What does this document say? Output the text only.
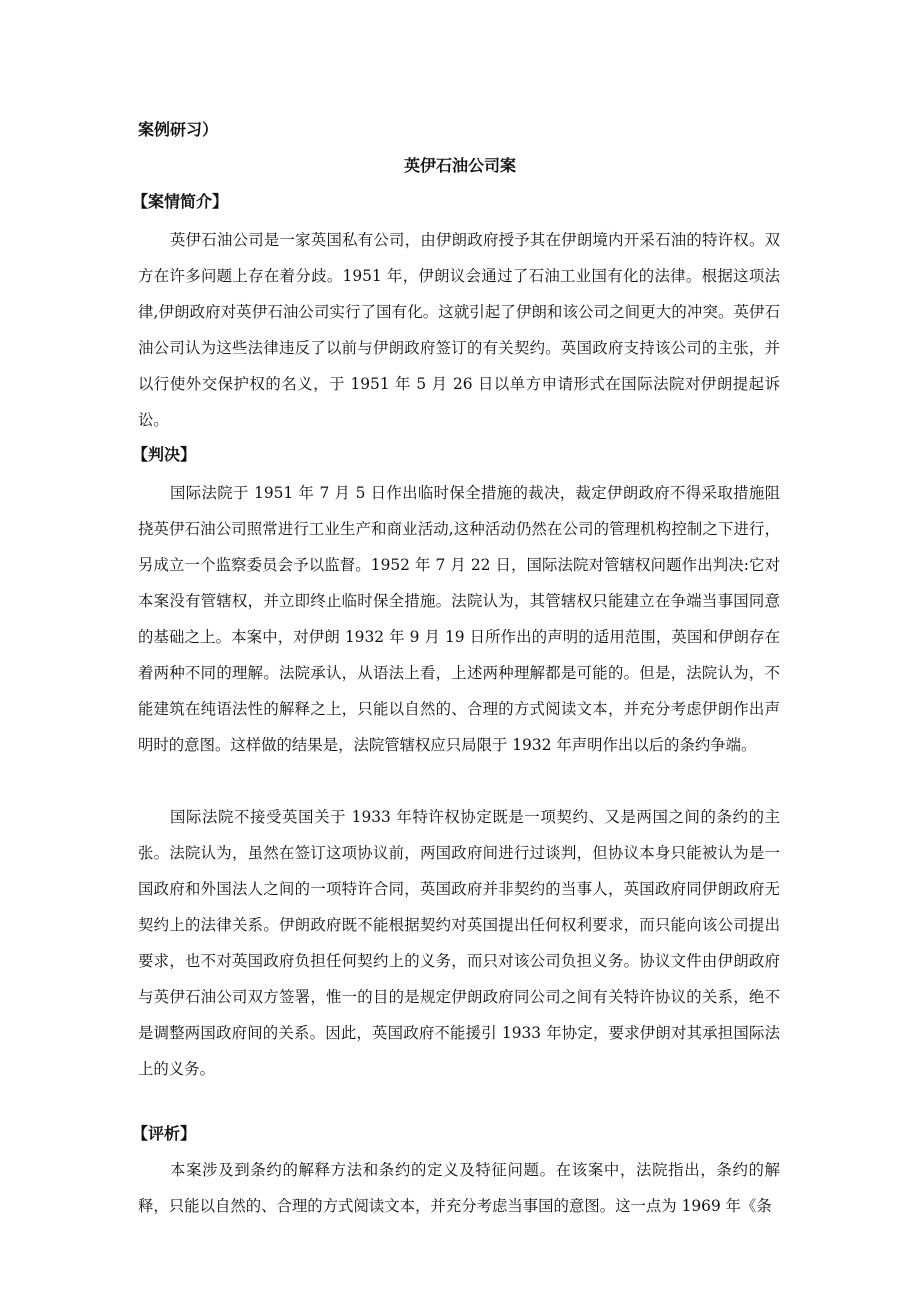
案例研习）
英伊石油公司案
【案情简介】

英伊石油公司是一家英国私有公司，由伊朗政府授予其在伊朗境内开采石油的特许权。双方在许多问题上存在着分歧。1951 年，伊朗议会通过了石油工业国有化的法律。根据这项法律,伊朗政府对英伊石油公司实行了国有化。这就引起了伊朗和该公司之间更大的冲突。英伊石油公司认为这些法律违反了以前与伊朗政府签订的有关契约。英国政府支持该公司的主张，并以行使外交保护权的名义，于 1951 年 5 月 26 日以单方申请形式在国际法院对伊朗提起诉讼。

【判决】

国际法院于 1951 年 7 月 5 日作出临时保全措施的裁决，裁定伊朗政府不得采取措施阻挠英伊石油公司照常进行工业生产和商业活动,这种活动仍然在公司的管理机构控制之下进行，另成立一个监察委员会予以监督。1952 年 7 月 22 日，国际法院对管辖权问题作出判决:它对本案没有管辖权，并立即终止临时保全措施。法院认为，其管辖权只能建立在争端当事国同意的基础之上。本案中，对伊朗 1932 年 9 月 19 日所作出的声明的适用范围，英国和伊朗存在着两种不同的理解。法院承认，从语法上看，上述两种理解都是可能的。但是，法院认为，不能建筑在纯语法性的解释之上，只能以自然的、合理的方式阅读文本，并充分考虑伊朗作出声明时的意图。这样做的结果是，法院管辖权应只局限于 1932 年声明作出以后的条约争端。

国际法院不接受英国关于 1933 年特许权协定既是一项契约、又是两国之间的条约的主张。法院认为，虽然在签订这项协议前，两国政府间进行过谈判，但协议本身只能被认为是一国政府和外国法人之间的一项特许合同，英国政府并非契约的当事人，英国政府同伊朗政府无契约上的法律关系。伊朗政府既不能根据契约对英国提出任何权利要求，而只能向该公司提出要求，也不对英国政府负担任何契约上的义务，而只对该公司负担义务。协议文件由伊朗政府与英伊石油公司双方签署，惟一的目的是规定伊朗政府同公司之间有关特许协议的关系，绝不是调整两国政府间的关系。因此，英国政府不能援引 1933 年协定，要求伊朗对其承担国际法上的义务。

【评析】

本案涉及到条约的解释方法和条约的定义及特征问题。在该案中，法院指出，条约的解释，只能以自然的、合理的方式阅读文本，并充分考虑当事国的意图。这一点为 1969 年《条
